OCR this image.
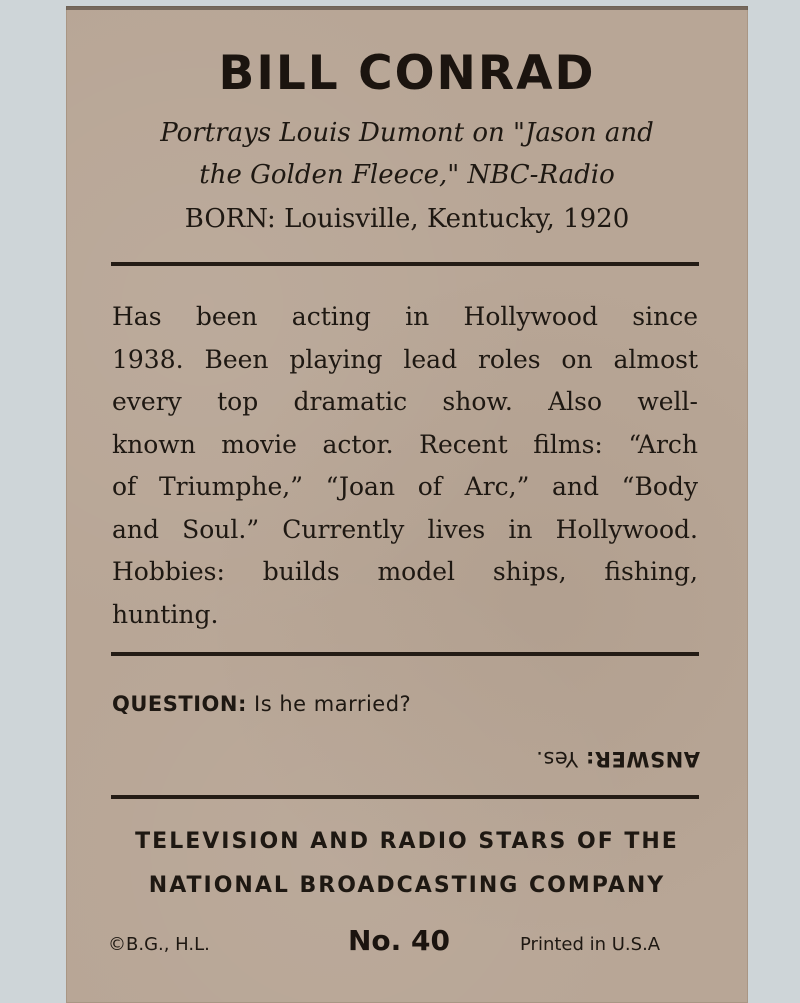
BILL CONRAD
Portrays Louis Dumont on "Jason and
the Golden Fleece," NBC-Radio
BORN: Louisville, Kentucky, 1920
Has been acting in Hollywood since
1938. Been playing lead roles on almost
every top dramatic show. Also well-
known movie actor. Recent films: “Arch
of Triumphe,” “Joan of Arc,” and “Body
and Soul.” Currently lives in Hollywood.
Hobbies: builds model ships, fishing,
hunting.
QUESTION: Is he married?
ANSWER: Yes.
TELEVISION AND RADIO STARS OF THE
NATIONAL BROADCASTING COMPANY
©B.G., H.L.	No. 40	Printed in U.S.A
